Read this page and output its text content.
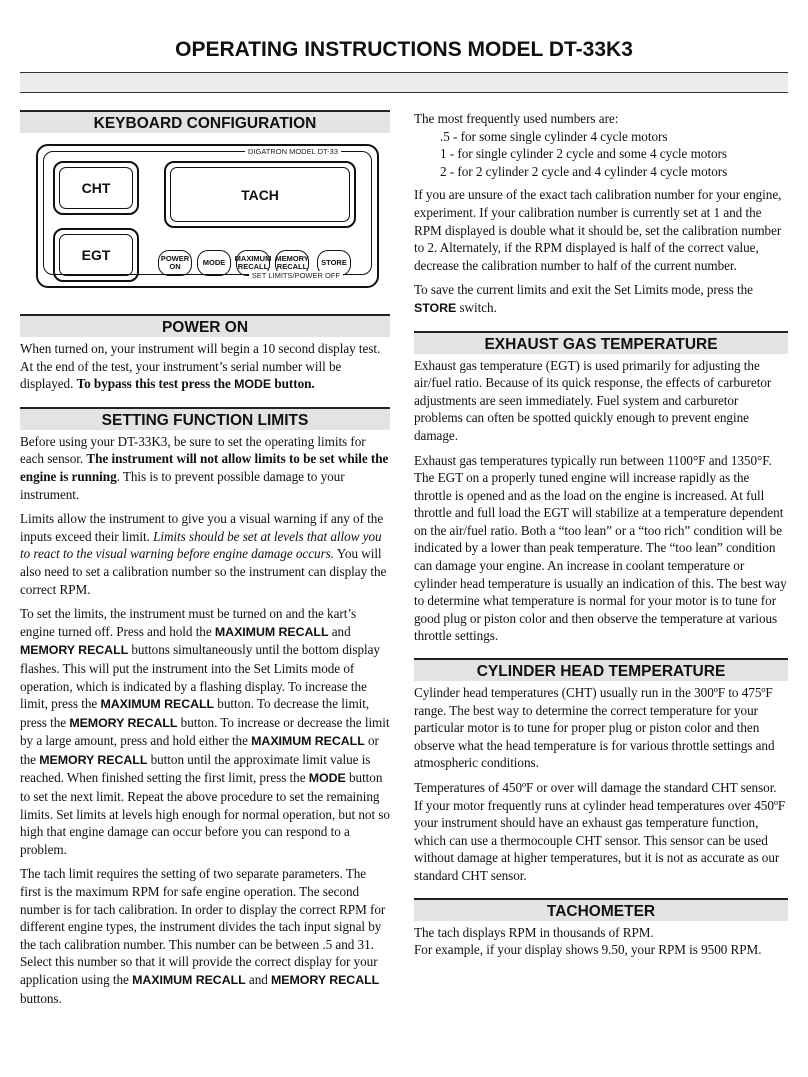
OPERATING INSTRUCTIONS MODEL DT-33K3
KEYBOARD CONFIGURATION
DIGATRON MODEL DT-33
CHT
EGT
TACH
POWER ON	MODE	MAXIMUM RECALL
MEMORY RECALL	STORE
SET LIMITS/POWER OFF
POWER ON

When turned on, your instrument will begin a 10 second display test. At the end of the test, your instrument’s serial number will be displayed. To bypass this test press the MODE button.

SETTING FUNCTION LIMITS

Before using your DT-33K3, be sure to set the operating limits for each sensor. The instrument will not allow limits to be set while the engine is running. This is to prevent possible damage to your instrument.

Limits allow the instrument to give you a visual warning if any of the inputs exceed their limit. Limits should be set at levels that allow you to react to the visual warning before engine damage occurs. You will also need to set a calibration number so the instrument can display the correct RPM.

To set the limits, the instrument must be turned on and the kart’s engine turned off. Press and hold the MAXIMUM RECALL and MEMORY RECALL buttons simultaneously until the bottom display flashes. This will put the instrument into the Set Limits mode of operation, which is indicated by a flashing display. To increase the limit, press the MAXIMUM RECALL button. To decrease the limit, press the MEMORY RECALL button. To increase or decrease the limit by a large amount, press and hold either the MAXIMUM RECALL or the MEMORY RECALL button until the approximate limit value is reached. When finished setting the first limit, press the MODE button to set the next limit. Repeat the above procedure to set the remaining limits. Set limits at levels high enough for normal operation, but not so high that engine damage can occur before you can respond to a problem.

The tach limit requires the setting of two separate parameters. The first is the maximum RPM for safe engine operation. The second number is for tach calibration. In order to display the correct RPM for different engine types, the instrument divides the tach input signal by the tach calibration number. This number can be between .5 and 31. Select this number so that it will provide the correct display for your application using the MAXIMUM RECALL and MEMORY RECALL buttons.

The most frequently used numbers are:

.5 - for some single cylinder 4 cycle motors

1 - for single cylinder 2 cycle and some 4 cycle motors

2 - for 2 cylinder 2 cycle and 4 cylinder 4 cycle motors

If you are unsure of the exact tach calibration number for your engine, experiment. If your calibration number is currently set at 1 and the RPM displayed is double what it should be, set the calibration number to 2. Alternately, if the RPM displayed is half of the correct value, decrease the calibration number to half of the current number.

To save the current limits and exit the Set Limits mode, press the STORE switch.

EXHAUST GAS TEMPERATURE

Exhaust gas temperature (EGT) is used primarily for adjusting the air/fuel ratio. Because of its quick response, the effects of carburetor adjustments are seen immediately. Fuel system and carburetor problems can often be spotted quickly enough to prevent engine damage.

Exhaust gas temperatures typically run between 1100°F and 1350°F. The EGT on a properly tuned engine will increase rapidly as the throttle is opened and as the load on the engine is increased. At full throttle and full load the EGT will stabilize at a temperature dependent on the air/fuel ratio. Both a “too lean” or a “too rich” condition will be indicated by a lower than peak temperature. The “too lean” condition can damage your engine. An increase in coolant temperature or cylinder head temperature is usually an indication of this. The best way to determine what temperature is normal for your motor is to tune for good plug or piston color and then observe the temperature at various throttle settings.

CYLINDER HEAD TEMPERATURE

Cylinder head temperatures (CHT) usually run in the 300ºF to 475ºF range. The best way to determine the correct temperature for your particular motor is to tune for proper plug or piston color and then observe what the head temperature is for various throttle settings and atmospheric conditions.

Temperatures of 450ºF or over will damage the standard CHT sensor. If your motor frequently runs at cylinder head temperatures over 450ºF your instrument should have an exhaust gas temperature function, which can use a thermocouple CHT sensor. This sensor can be used without damage at higher temperatures, but it is not as accurate as our standard CHT sensor.

TACHOMETER

The tach displays RPM in thousands of RPM.

For example, if your display shows 9.50, your RPM is 9500 RPM.
